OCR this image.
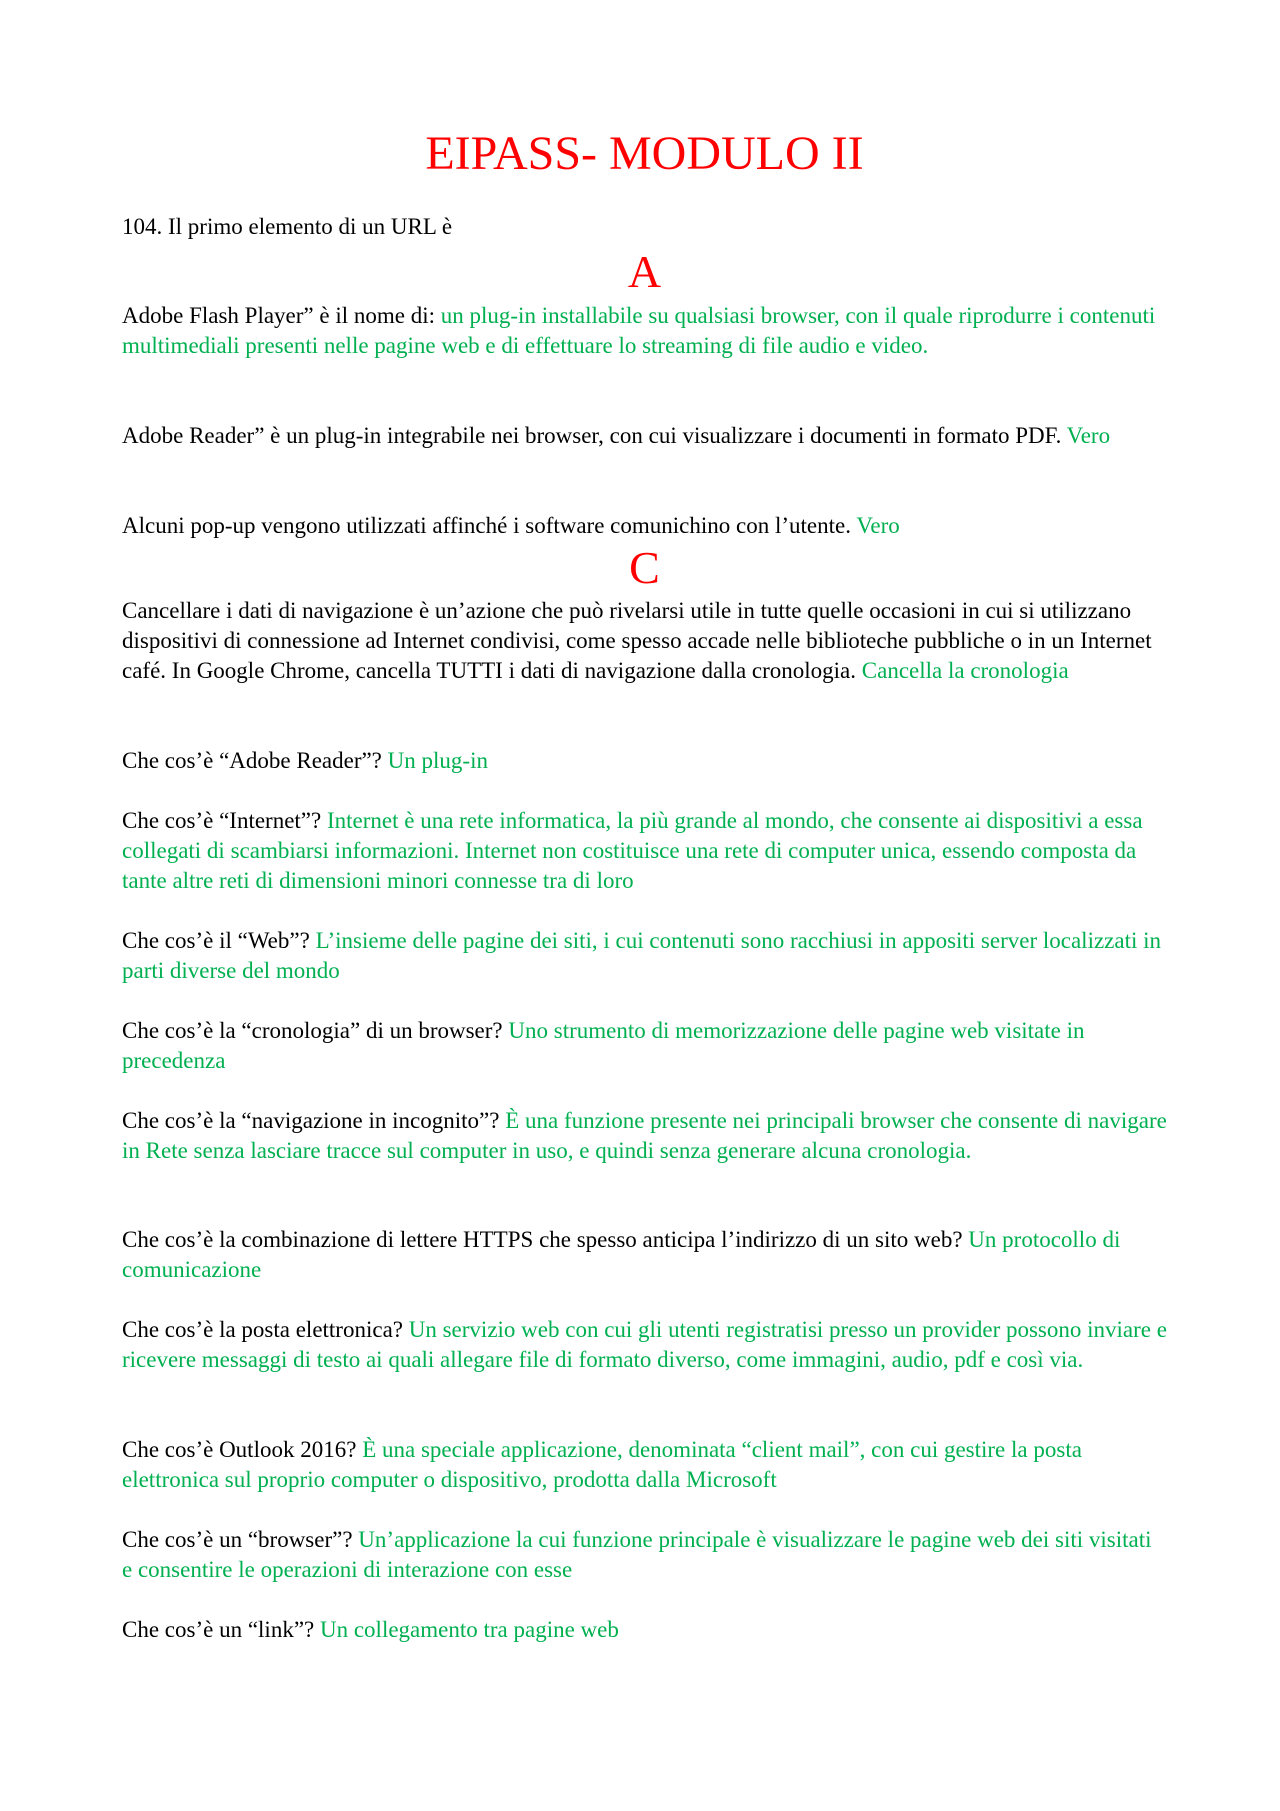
EIPASS- MODULO II

104. Il primo elemento di un URL è

A

Adobe Flash Player” è il nome di: un plug-in installabile su qualsiasi browser, con il quale riprodurre i contenuti multimediali presenti nelle pagine web e di effettuare lo streaming di file audio e video.

Adobe Reader” è un plug-in integrabile nei browser, con cui visualizzare i documenti in formato PDF. Vero

Alcuni pop-up vengono utilizzati affinché i software comunichino con l’utente. Vero

C

Cancellare i dati di navigazione è un’azione che può rivelarsi utile in tutte quelle occasioni in cui si utilizzano dispositivi di connessione ad Internet condivisi, come spesso accade nelle biblioteche pubbliche o in un Internet café. In Google Chrome, cancella TUTTI i dati di navigazione dalla cronologia. Cancella la cronologia

Che cos’è “Adobe Reader”? Un plug-in

Che cos’è “Internet”? Internet è una rete informatica, la più grande al mondo, che consente ai dispositivi a essa collegati di scambiarsi informazioni. Internet non costituisce una rete di computer unica, essendo composta da tante altre reti di dimensioni minori connesse tra di loro

Che cos’è il “Web”? L’insieme delle pagine dei siti, i cui contenuti sono racchiusi in appositi server localizzati in parti diverse del mondo

Che cos’è la “cronologia” di un browser? Uno strumento di memorizzazione delle pagine web visitate in precedenza

Che cos’è la “navigazione in incognito”? È una funzione presente nei principali browser che consente di navigare in Rete senza lasciare tracce sul computer in uso, e quindi senza generare alcuna cronologia.

Che cos’è la combinazione di lettere HTTPS che spesso anticipa l’indirizzo di un sito web? Un protocollo di comunicazione

Che cos’è la posta elettronica? Un servizio web con cui gli utenti registratisi presso un provider possono inviare e ricevere messaggi di testo ai quali allegare file di formato diverso, come immagini, audio, pdf e così via.

Che cos’è Outlook 2016? È una speciale applicazione, denominata “client mail”, con cui gestire la posta elettronica sul proprio computer o dispositivo, prodotta dalla Microsoft

Che cos’è un “browser”? Un’applicazione la cui funzione principale è visualizzare le pagine web dei siti visitati e consentire le operazioni di interazione con esse

Che cos’è un “link”? Un collegamento tra pagine web
